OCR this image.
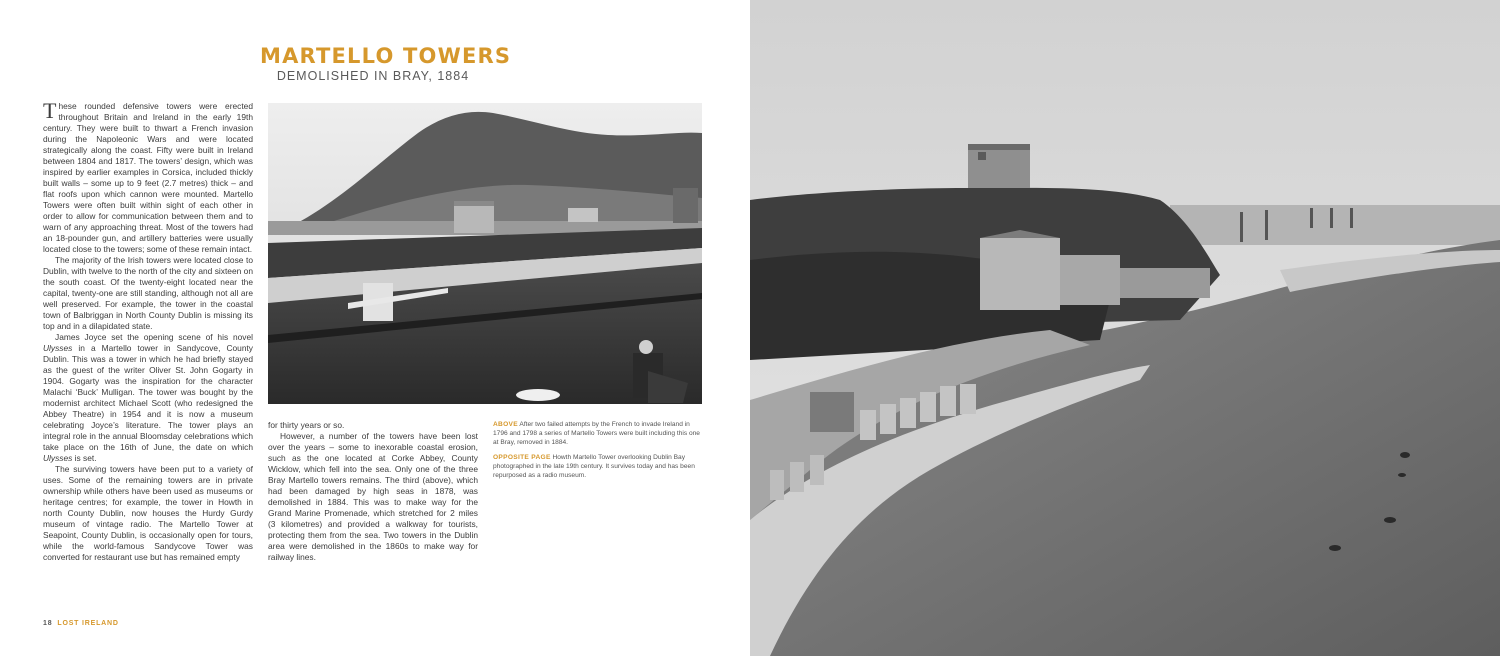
MARTELLO TOWERS
DEMOLISHED IN BRAY, 1884

These rounded defensive towers were erected throughout Britain and Ireland in the early 19th century. They were built to thwart a French invasion during the Napoleonic Wars and were located strategically along the coast. Fifty were built in Ireland between 1804 and 1817. The towers’ design, which was inspired by earlier examples in Corsica, included thickly built walls – some up to 9 feet (2.7 metres) thick – and flat roofs upon which cannon were mounted. Martello Towers were often built within sight of each other in order to allow for communication between them and to warn of any approaching threat. Most of the towers had an 18-pounder gun, and artillery batteries were usually located close to the towers; some of these remain intact.

The majority of the Irish towers were located close to Dublin, with twelve to the north of the city and sixteen on the south coast. Of the twenty-eight located near the capital, twenty-one are still standing, although not all are well preserved. For example, the tower in the coastal town of Balbriggan in North County Dublin is missing its top and in a dilapidated state.

James Joyce set the opening scene of his novel Ulysses in a Martello tower in Sandycove, County Dublin. This was a tower in which he had briefly stayed as the guest of the writer Oliver St. John Gogarty in 1904. Gogarty was the inspiration for the character Malachi ‘Buck’ Mulligan. The tower was bought by the modernist architect Michael Scott (who redesigned the Abbey Theatre) in 1954 and it is now a museum celebrating Joyce’s literature. The tower plays an integral role in the annual Bloomsday celebrations which take place on the 16th of June, the date on which Ulysses is set.

The surviving towers have been put to a variety of uses. Some of the remaining towers are in private ownership while others have been used as museums or heritage centres; for example, the tower in Howth in north County Dublin, now houses the Hurdy Gurdy museum of vintage radio. The Martello Tower at Seapoint, County Dublin, is occasionally open for tours, while the world-famous Sandycove Tower was converted for restaurant use but has remained empty

for thirty years or so.

However, a number of the towers have been lost over the years – some to inexorable coastal erosion, such as the one located at Corke Abbey, County Wicklow, which fell into the sea. Only one of the three Bray Martello towers remains. The third (above), which had been damaged by high seas in 1878, was demolished in 1884. This was to make way for the Grand Marine Promenade, which stretched for 2 miles (3 kilometres) and provided a walkway for tourists, protecting them from the sea. Two towers in the Dublin area were demolished in the 1860s to make way for railway lines.

ABOVE After two failed attempts by the French to invade Ireland in 1796 and 1798 a series of Martello Towers were built including this one at Bray, removed in 1884.

OPPOSITE PAGE Howth Martello Tower overlooking Dublin Bay photographed in the late 19th century. It survives today and has been repurposed as a radio museum.

18 LOST IRELAND
